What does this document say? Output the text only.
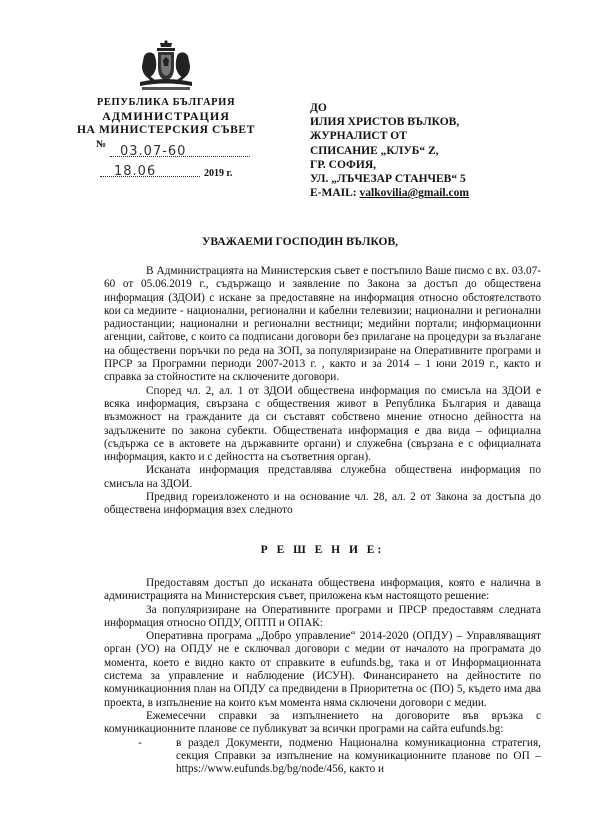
РЕПУБЛИКА БЪЛГАРИЯ
АДМИНИСТРАЦИЯ
НА МИНИСТЕРСКИЯ СЪВЕТ
№ 03.07-60
18.06	2019 г.
ДО
ИЛИЯ ХРИСТОВ ВЪЛКОВ,
ЖУРНАЛИСТ ОТ
СПИСАНИЕ „КЛУБ“ Z,
ГР. СОФИЯ,
УЛ. „ЛЪЧЕЗАР СТАНЧЕВ“ 5
E-MAIL: valkovilia@gmail.com
УВАЖАЕМИ ГОСПОДИН ВЪЛКОВ,

В Администрацията на Министерския съвет е постъпило Ваше писмо с вх. 03.07-60 от 05.06.2019 г., съдържащо и заявление по Закона за достъп до обществена информация (ЗДОИ) с искане за предоставяне на информация относно обстоятелството кои са медиите - национални, регионални и кабелни телевизии; национални и регионални радиостанции; национални и регионални вестници; медийни портали; информационни агенции, сайтове, с които са подписани договори без прилагане на процедури за възлагане на обществени поръчки по реда на ЗОП, за популяризиране на Оперативните програми и ПРСР за Програмни периоди 2007-2013 г. , както и за 2014 – 1 юни 2019 г., както и справка за стойностите на сключените договори.

Според чл. 2, ал. 1 от ЗДОИ обществена информация по смисъла на ЗДОИ е всяка информация, свързана с обществения живот в Република България и даваща възможност на гражданите да си съставят собствено мнение относно дейността на задължените по закона субекти. Обществената информация е два вида – официална (съдържа се в актовете на държавните органи) и служебна (свързана е с официалната информация, както и с дейността на съответния орган).

Исканата информация представлява служебна обществена информация по смисъла на ЗДОИ.

Предвид гореизложеното и на основание чл. 28, ал. 2 от Закона за достъпа до обществена информация взех следното

Р Е Ш Е Н И Е:

Предоставям достъп до исканата обществена информация, която е налична в администрацията на Министерския съвет, приложена към настоящото решение:

За популяризиране на Оперативните програми и ПРСР предоставям следната информация относно ОПДУ, ОПТП и ОПАК:

Оперативна програма „Добро управление“ 2014-2020 (ОПДУ) – Управляващият орган (УО) на ОПДУ не е сключвал договори с медии от началото на програмата до момента, което е видно както от справките в eufunds.bg, така и от Информационната система за управление и наблюдение (ИСУН). Финансирането на дейностите по комуникационния план на ОПДУ са предвидени в Приоритетна ос (ПО) 5, където има два проекта, в изпълнение на които към момента няма сключени договори с медии.

Ежемесечни справки за изпълнението на договорите във връзка с комуникационните планове се публикуват за всички програми на сайта eufunds.bg:

-	в раздел Документи, подменю Национална комуникационна стратегия, секция Справки за изпълнение на комуникационните планове по ОП – https://www.eufunds.bg/bg/node/456, както и
